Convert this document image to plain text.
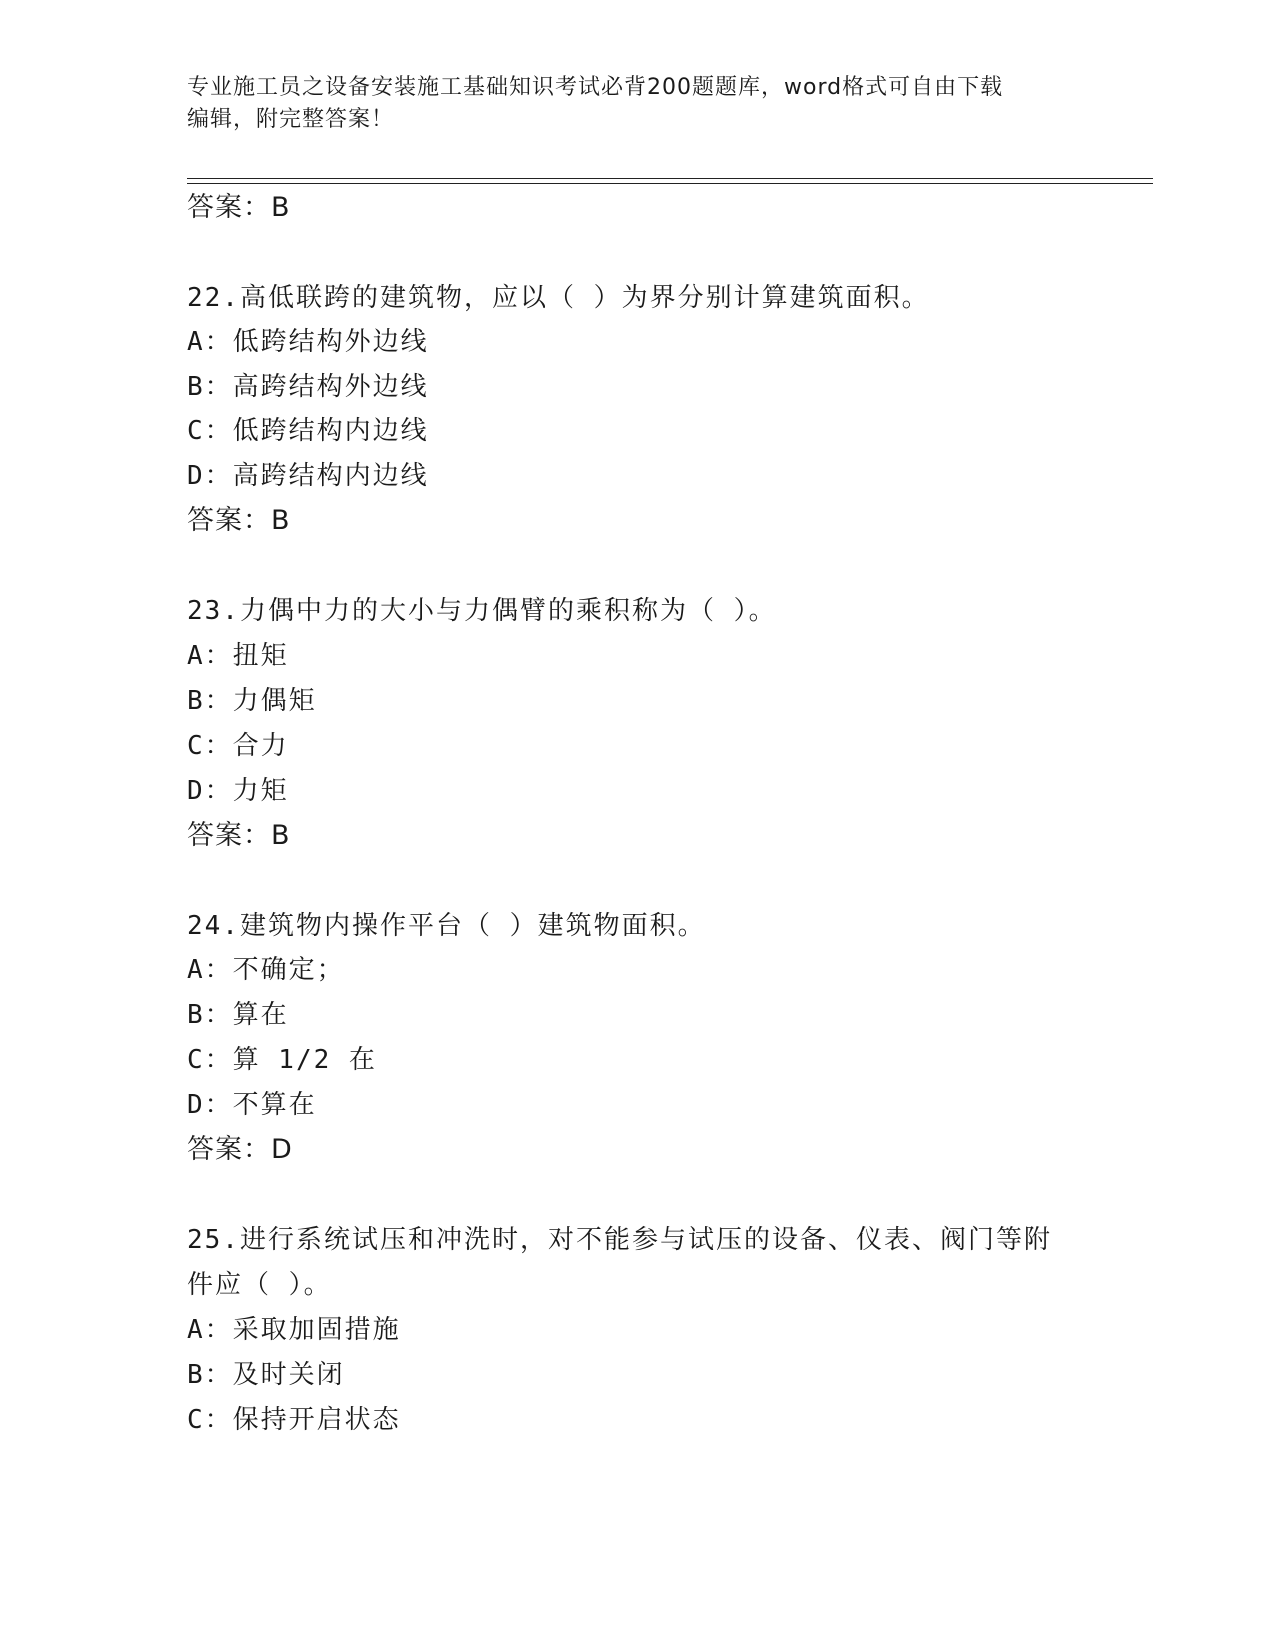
专业施工员之设备安装施工基础知识考试必背200题题库，word格式可自由下载
编辑，附完整答案！
答案：B
22.高低联跨的建筑物，应以（ ）为界分别计算建筑面积。
A：低跨结构外边线
B：高跨结构外边线
C：低跨结构内边线
D：高跨结构内边线
答案：B
23.力偶中力的大小与力偶臂的乘积称为（ ）。
A：扭矩
B：力偶矩
C：合力
D：力矩
答案：B
24.建筑物内操作平台（ ）建筑物面积。
A：不确定；
B：算在
C：算 1/2 在
D：不算在
答案：D
25.进行系统试压和冲洗时，对不能参与试压的设备、仪表、阀门等附
件应（ ）。
A：采取加固措施
B：及时关闭
C：保持开启状态
